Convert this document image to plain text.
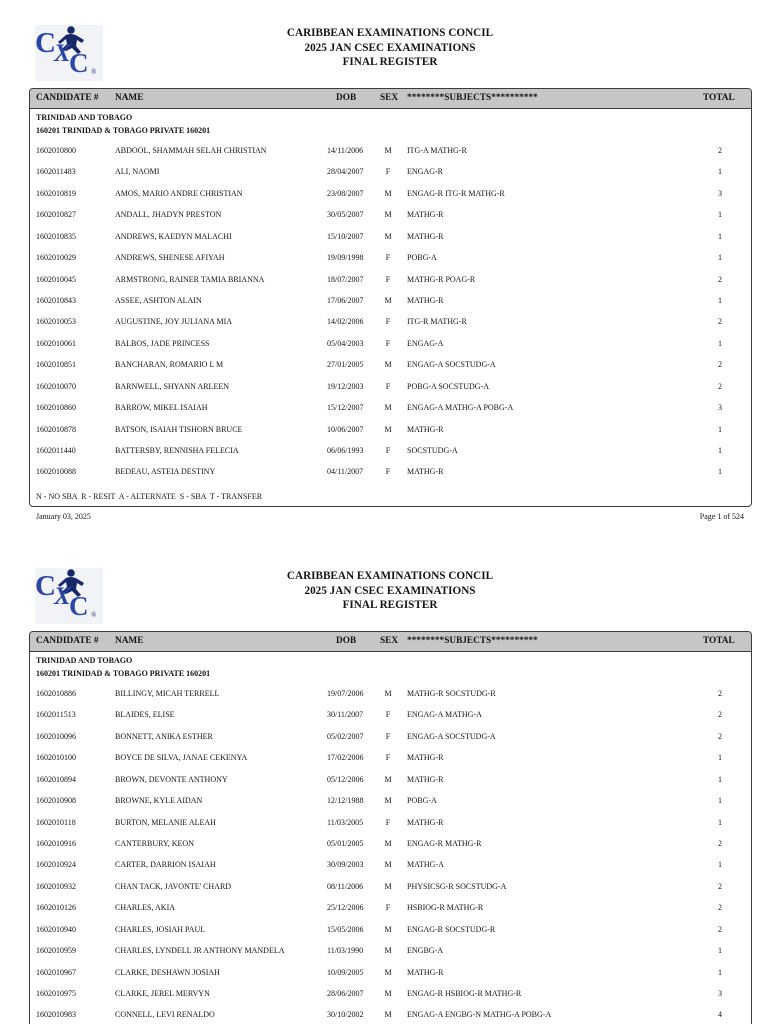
C
X
C ®
CARIBBEAN EXAMINATIONS CONCIL
2025 JAN CSEC EXAMINATIONS
FINAL REGISTER
CANDIDATE # NAME	DOB	SEX ********SUBJECTS**********	TOTAL
TRINIDAD AND TOBAGO
160201 TRINIDAD & TOBAGO PRIVATE 160201
1602010800	ABDOOL, SHAMMAH SELAH CHRISTIAN	14/11/2006	M	ITG-A MATHG-R	2
1602011483	ALI, NAOMI	28/04/2007	F	ENGAG-R	1
1602010819	AMOS, MARIO ANDRE CHRISTIAN	23/08/2007	M	ENGAG-R ITG-R MATHG-R	3
1602010827	ANDALL, JHADYN PRESTON	30/05/2007	M	MATHG-R	1
1602010835	ANDREWS, KAEDYN MALACHI	15/10/2007	M	MATHG-R	1
1602010029	ANDREWS, SHENESE AFIYAH	19/09/1998	F	POBG-A	1
1602010045	ARMSTRONG, RAINER TAMIA BRIANNA	18/07/2007	F	MATHG-R POAG-R	2
1602010843	ASSEE, ASHTON ALAIN	17/06/2007	M	MATHG-R	1
1602010053	AUGUSTINE, JOY JULIANA MIA	14/02/2006	F	ITG-R MATHG-R	2
1602010061	BALBOS, JADE PRINCESS	05/04/2003	F	ENGAG-A	1
1602010851	BANCHARAN, ROMARIO L M	27/01/2005	M	ENGAG-A SOCSTUDG-A	2
1602010070	BARNWELL, SHYANN ARLEEN	19/12/2003	F	POBG-A SOCSTUDG-A	2
1602010860	BARROW, MIKEL ISAIAH	15/12/2007	M	ENGAG-A MATHG-A POBG-A	3
1602010878	BATSON, ISAIAH TISHORN BRUCE	10/06/2007	M	MATHG-R	1
1602011440	BATTERSBY, RENNISHA FELECIA	06/06/1993	F	SOCSTUDG-A	1
1602010088	BEDEAU, ASTEIA DESTINY	04/11/2007	F	MATHG-R	1
N - NO SBA  R - RESIT  A - ALTERNATE  S - SBA  T - TRANSFER
January 03, 2025	Page 1 of 524
C
X
C ®
CARIBBEAN EXAMINATIONS CONCIL
2025 JAN CSEC EXAMINATIONS
FINAL REGISTER
CANDIDATE # NAME	DOB	SEX ********SUBJECTS**********	TOTAL
TRINIDAD AND TOBAGO
160201 TRINIDAD & TOBAGO PRIVATE 160201
1602010886	BILLINGY, MICAH TERRELL	19/07/2006	M	MATHG-R SOCSTUDG-R	2
1602011513	BLAIDES, ELISE	30/11/2007	F	ENGAG-A MATHG-A	2
1602010096	BONNETT, ANIKA ESTHER	05/02/2007	F	ENGAG-A SOCSTUDG-A	2
1602010100	BOYCE DE SILVA, JANAE CEKENYA	17/02/2006	F	MATHG-R	1
1602010894	BROWN, DEVONTE ANTHONY	05/12/2006	M	MATHG-R	1
1602010908	BROWNE, KYLE AIDAN	12/12/1988	M	POBG-A	1
1602010118	BURTON, MELANIE ALEAH	11/03/2005	F	MATHG-R	1
1602010916	CANTERBURY, KEON	05/01/2005	M	ENGAG-R MATHG-R	2
1602010924	CARTER, DARRION ISAIAH	30/09/2003	M	MATHG-A	1
1602010932	CHAN TACK, JAVONTE' CHARD	08/11/2006	M	PHYSICSG-R SOCSTUDG-A	2
1602010126	CHARLES, AKIA	25/12/2006	F	HSBIOG-R MATHG-R	2
1602010940	CHARLES, JOSIAH PAUL	15/05/2006	M	ENGAG-R SOCSTUDG-R	2
1602010959	CHARLES, LYNDELL JR ANTHONY MANDELA	11/03/1990	M	ENGBG-A	1
1602010967	CLARKE, DESHAWN JOSIAH	10/09/2005	M	MATHG-R	1
1602010975	CLARKE, JEREL MERVYN	28/06/2007	M	ENGAG-R HSBIOG-R MATHG-R	3
1602010983	CONNELL, LEVI RENALDO	30/10/2002	M	ENGAG-A ENGBG-N MATHG-A POBG-A	4
